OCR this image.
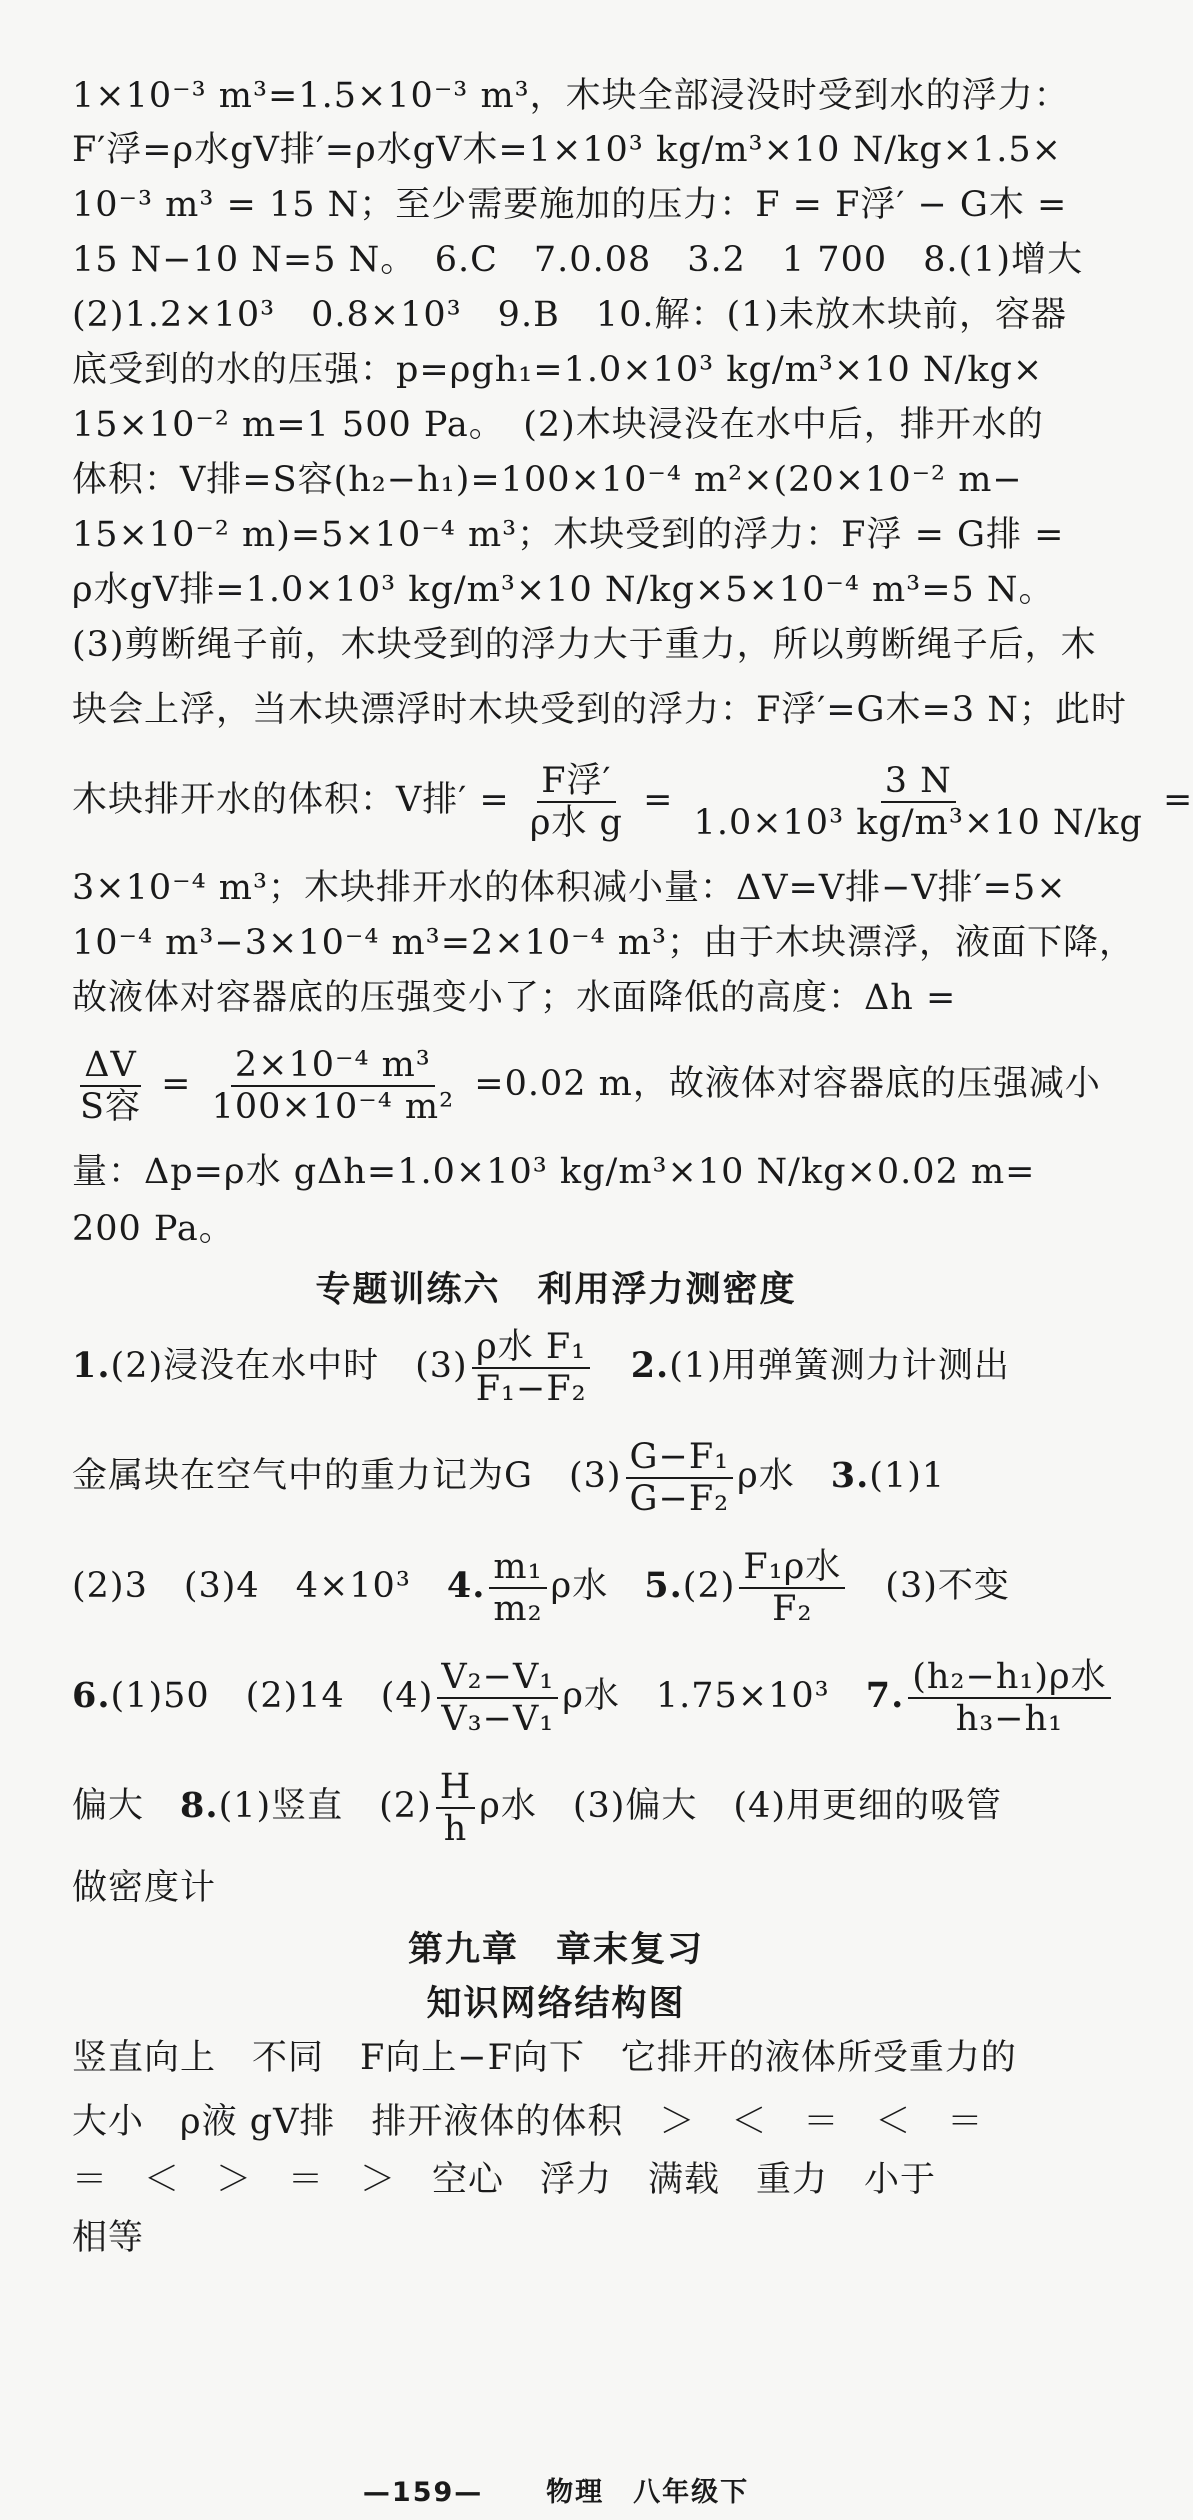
1×10⁻³ m³=1.5×10⁻³ m³，木块全部浸没时受到水的浮力：
F′浮=ρ水gV排′=ρ水gV木=1×10³ kg/m³×10 N/kg×1.5×
10⁻³ m³ = 15 N；至少需要施加的压力：F = F浮′ − G木 =
15 N−10 N=5 N。　6.C　7.0.08　3.2　1 700　8.(1)增大
(2)1.2×10³　0.8×10³　9.B　10.解：(1)未放木块前，容器
底受到的水的压强：p=ρgh₁=1.0×10³ kg/m³×10 N/kg×
15×10⁻² m=1 500 Pa。　(2)木块浸没在水中后，排开水的
体积：V排=S容(h₂−h₁)=100×10⁻⁴ m²×(20×10⁻² m−
15×10⁻² m)=5×10⁻⁴ m³；木块受到的浮力：F浮 = G排 =
ρ水gV排=1.0×10³ kg/m³×10 N/kg×5×10⁻⁴ m³=5 N。
(3)剪断绳子前，木块受到的浮力大于重力，所以剪断绳子后，木
块会上浮，当木块漂浮时木块受到的浮力：F浮′=G木=3 N；此时
木块排开水的体积：V排′ = $\frac{\text{F浮′}}{\text{ρ水 g}} = \frac{3 N}{\text{1.0×10³ kg/m³×10 N/kg}}$ =
3×10⁻⁴ m³；木块排开水的体积减小量：ΔV=V排−V排′=5×
10⁻⁴ m³−3×10⁻⁴ m³=2×10⁻⁴ m³；由于木块漂浮，液面下降，
故液体对容器底的压强变小了；水面降低的高度：Δh =
$\frac{\Delta V}{\text{S容}} = \frac{\text{2×10⁻⁴ m³}}{\text{100×10⁻⁴ m²}} =0.02$ m，故液体对容器底的压强减小
量：Δp=ρ水 gΔh=1.0×10³ kg/m³×10 N/kg×0.02 m=
200 Pa。
专题训练六　利用浮力测密度
1.(2)浸没在水中时　$(3) \frac{\text{ρ水 F₁}}{\text{F₁−F₂}}$
　 2.(1)用弹簧测力计测出
金属块在空气中的重力记为G　$(3) \frac{\text{G−F₁}}{\text{G−F₂}}$ ρ水　 3.(1)1
(2)3　(3)4　4×10³　 4. $\frac{\text{m₁}}{\text{m₂}}$ ρ水　 $5.(2) \frac{\text{F₁ρ水}}{\text{F₂}}$
　 (3)不变
6.(1)50　(2)14　$(4) \frac{\text{V₂−V₁}}{\text{V₃−V₁}}$ ρ水　1.75×10³　 7. $\frac{\text{(h₂−h₁)ρ水}}{\text{h₃−h₁}}$
偏大　 8.(1)竖直　$(2) \frac{H}{h}$ ρ水　(3)偏大　(4)用更细的吸管
做密度计
第九章　章末复习
知识网络结构图
竖直向上　不同　F向上−F向下　它排开的液体所受重力的
大小　ρ液 gV排　排开液体的体积　＞　＜　＝　＜　＝
＝　＜　＞　＝　＞　空心　浮力　满载　重力　小于
相等
—159— 物理　八年级下
